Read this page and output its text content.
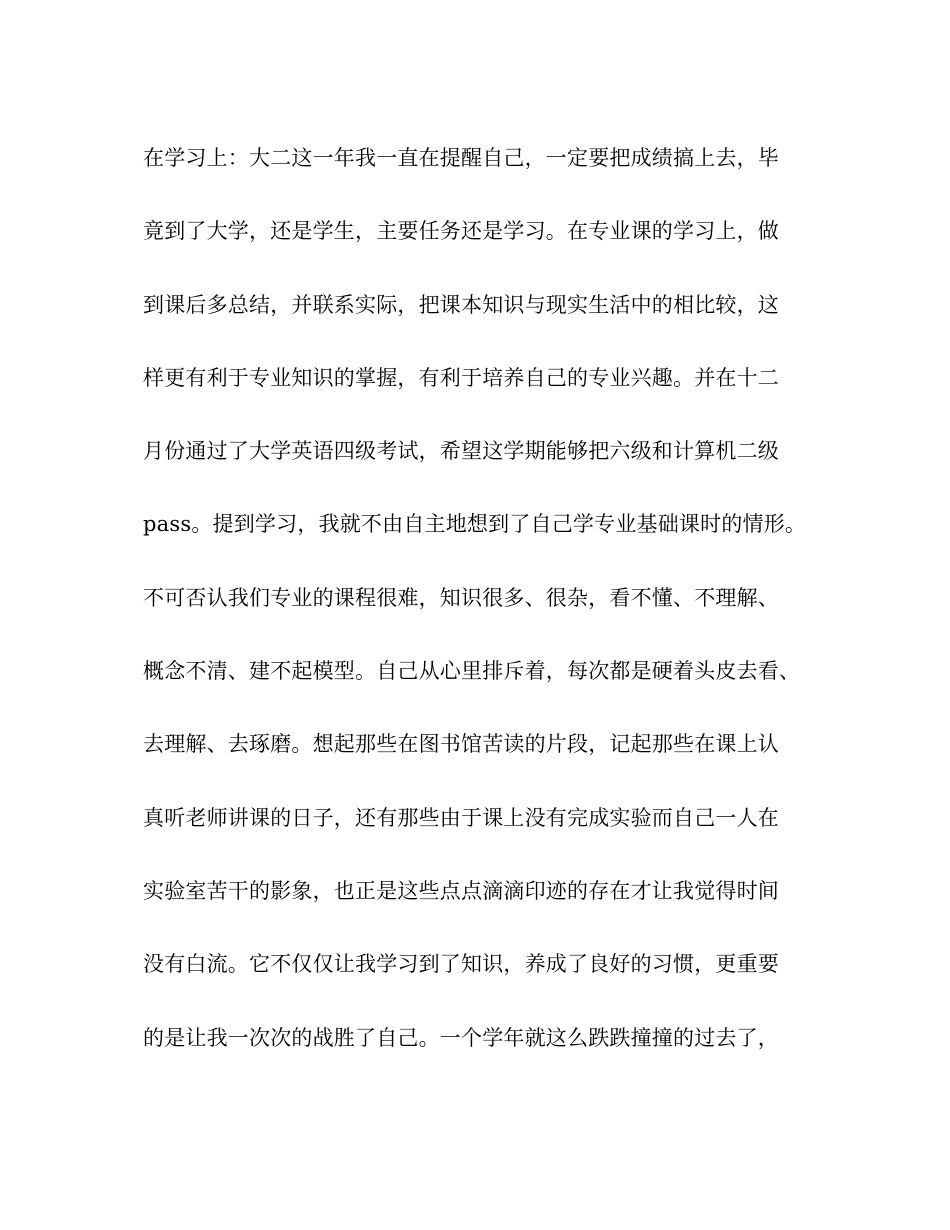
在学习上：大二这一年我一直在提醒自己，一定要把成绩搞上去，毕
竟到了大学，还是学生，主要任务还是学习。在专业课的学习上，做
到课后多总结，并联系实际，把课本知识与现实生活中的相比较，这
样更有利于专业知识的掌握，有利于培养自己的专业兴趣。并在十二
月份通过了大学英语四级考试，希望这学期能够把六级和计算机二级
pass。提到学习，我就不由自主地想到了自己学专业基础课时的情形。
不可否认我们专业的课程很难，知识很多、很杂，看不懂、不理解、
概念不清、建不起模型。自己从心里排斥着，每次都是硬着头皮去看、
去理解、去琢磨。想起那些在图书馆苦读的片段，记起那些在课上认
真听老师讲课的日子，还有那些由于课上没有完成实验而自己一人在
实验室苦干的影象，也正是这些点点滴滴印迹的存在才让我觉得时间
没有白流。它不仅仅让我学习到了知识，养成了良好的习惯，更重要
的是让我一次次的战胜了自己。一个学年就这么跌跌撞撞的过去了，
